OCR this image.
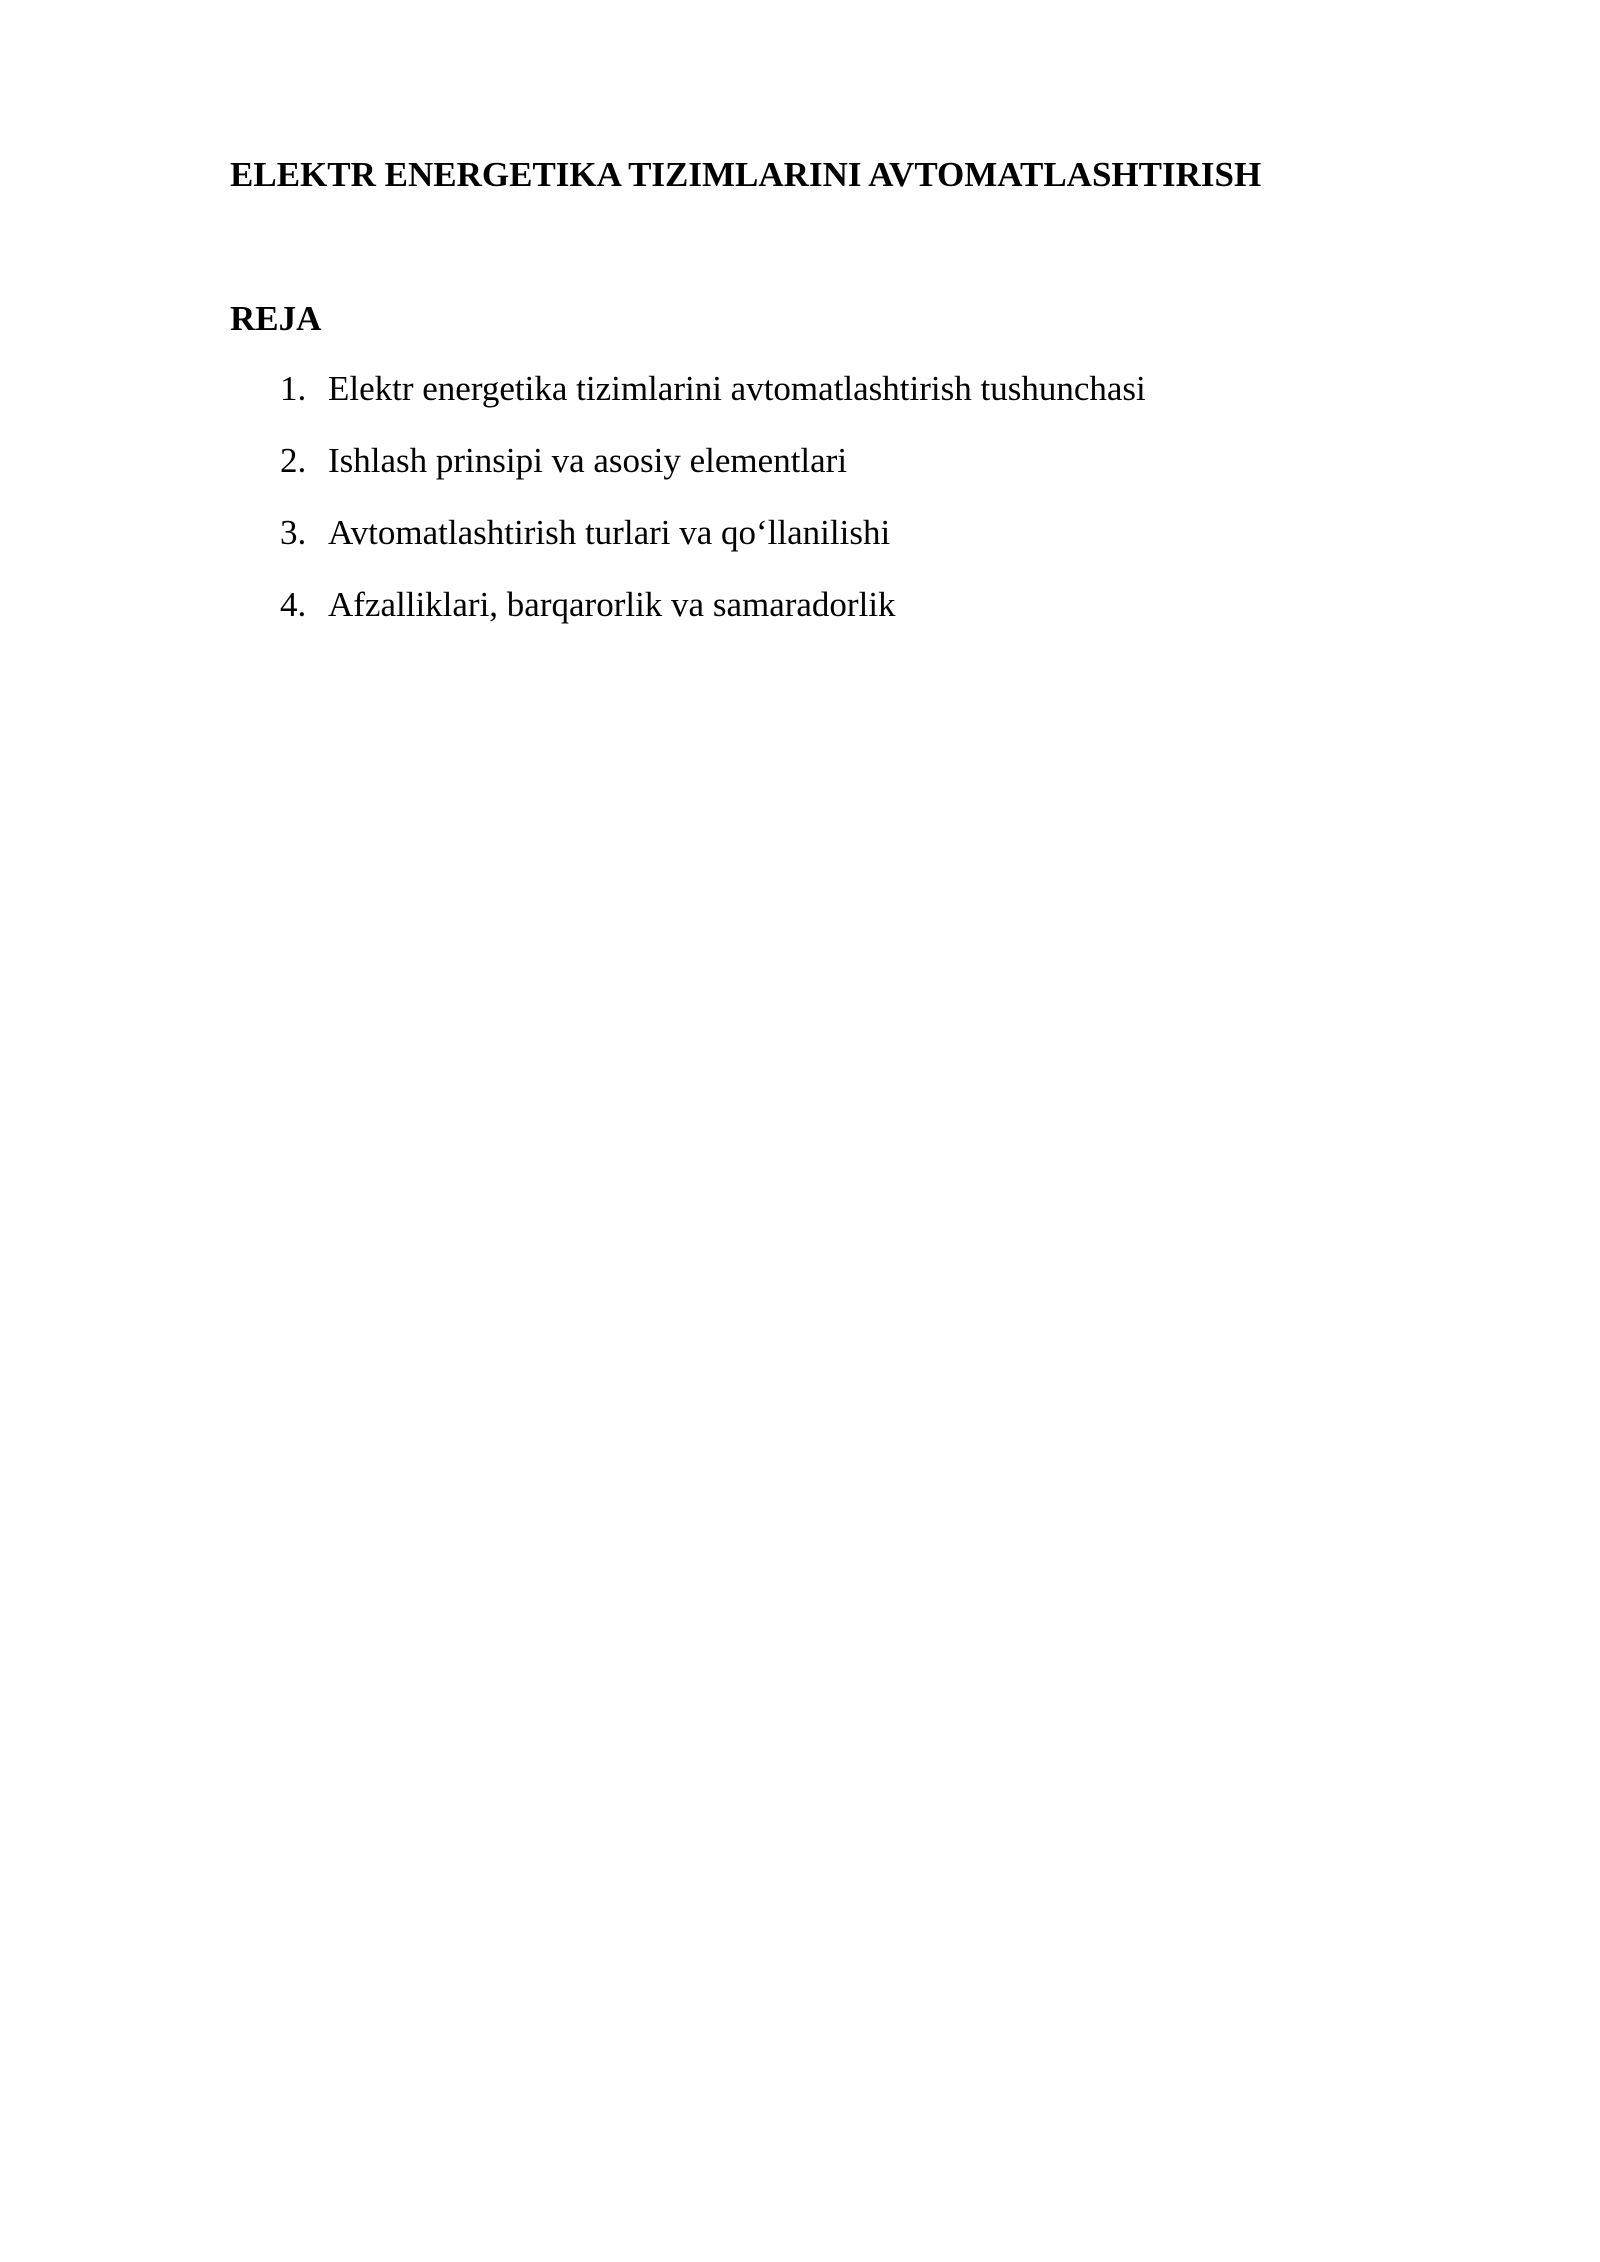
ELEKTR ENERGETIKA TIZIMLARINI AVTOMATLASHTIRISH
REJA
1. Elektr energetika tizimlarini avtomatlashtirish tushunchasi
2. Ishlash prinsipi va asosiy elementlari
3. Avtomatlashtirish turlari va qo‘llanilishi
4. Afzalliklari, barqarorlik va samaradorlik
